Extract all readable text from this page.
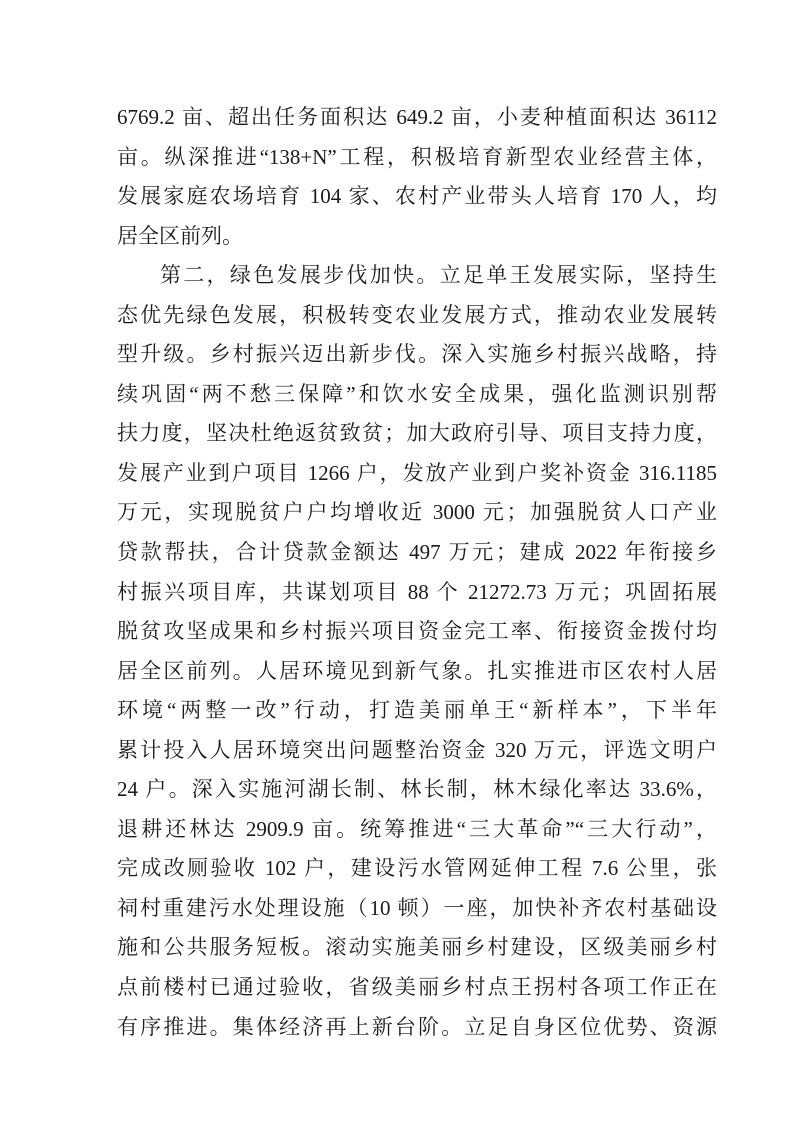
6769.2 亩、超出任务面积达 649.2 亩，小麦种植面积达 36112
亩。纵深推进“138+N”工程，积极培育新型农业经营主体，
发展家庭农场培育 104 家、农村产业带头人培育 170 人，均
居全区前列。
第二，绿色发展步伐加快。立足单王发展实际，坚持生
态优先绿色发展，积极转变农业发展方式，推动农业发展转
型升级。乡村振兴迈出新步伐。深入实施乡村振兴战略，持
续巩固“两不愁三保障”和饮水安全成果，强化监测识别帮
扶力度，坚决杜绝返贫致贫；加大政府引导、项目支持力度，
发展产业到户项目 1266 户，发放产业到户奖补资金 316.1185
万元，实现脱贫户户均增收近 3000 元；加强脱贫人口产业
贷款帮扶，合计贷款金额达 497 万元；建成 2022 年衔接乡
村振兴项目库，共谋划项目 88 个 21272.73 万元；巩固拓展
脱贫攻坚成果和乡村振兴项目资金完工率、衔接资金拨付均
居全区前列。人居环境见到新气象。扎实推进市区农村人居
环境“两整一改”行动，打造美丽单王“新样本”，下半年
累计投入人居环境突出问题整治资金 320 万元，评选文明户
24 户。深入实施河湖长制、林长制，林木绿化率达 33.6%，
退耕还林达 2909.9 亩。统筹推进“三大革命”“三大行动”，
完成改厕验收 102 户，建设污水管网延伸工程 7.6 公里，张
祠村重建污水处理设施（10 顿）一座，加快补齐农村基础设
施和公共服务短板。滚动实施美丽乡村建设，区级美丽乡村
点前楼村已通过验收，省级美丽乡村点王拐村各项工作正在
有序推进。集体经济再上新台阶。立足自身区位优势、资源
